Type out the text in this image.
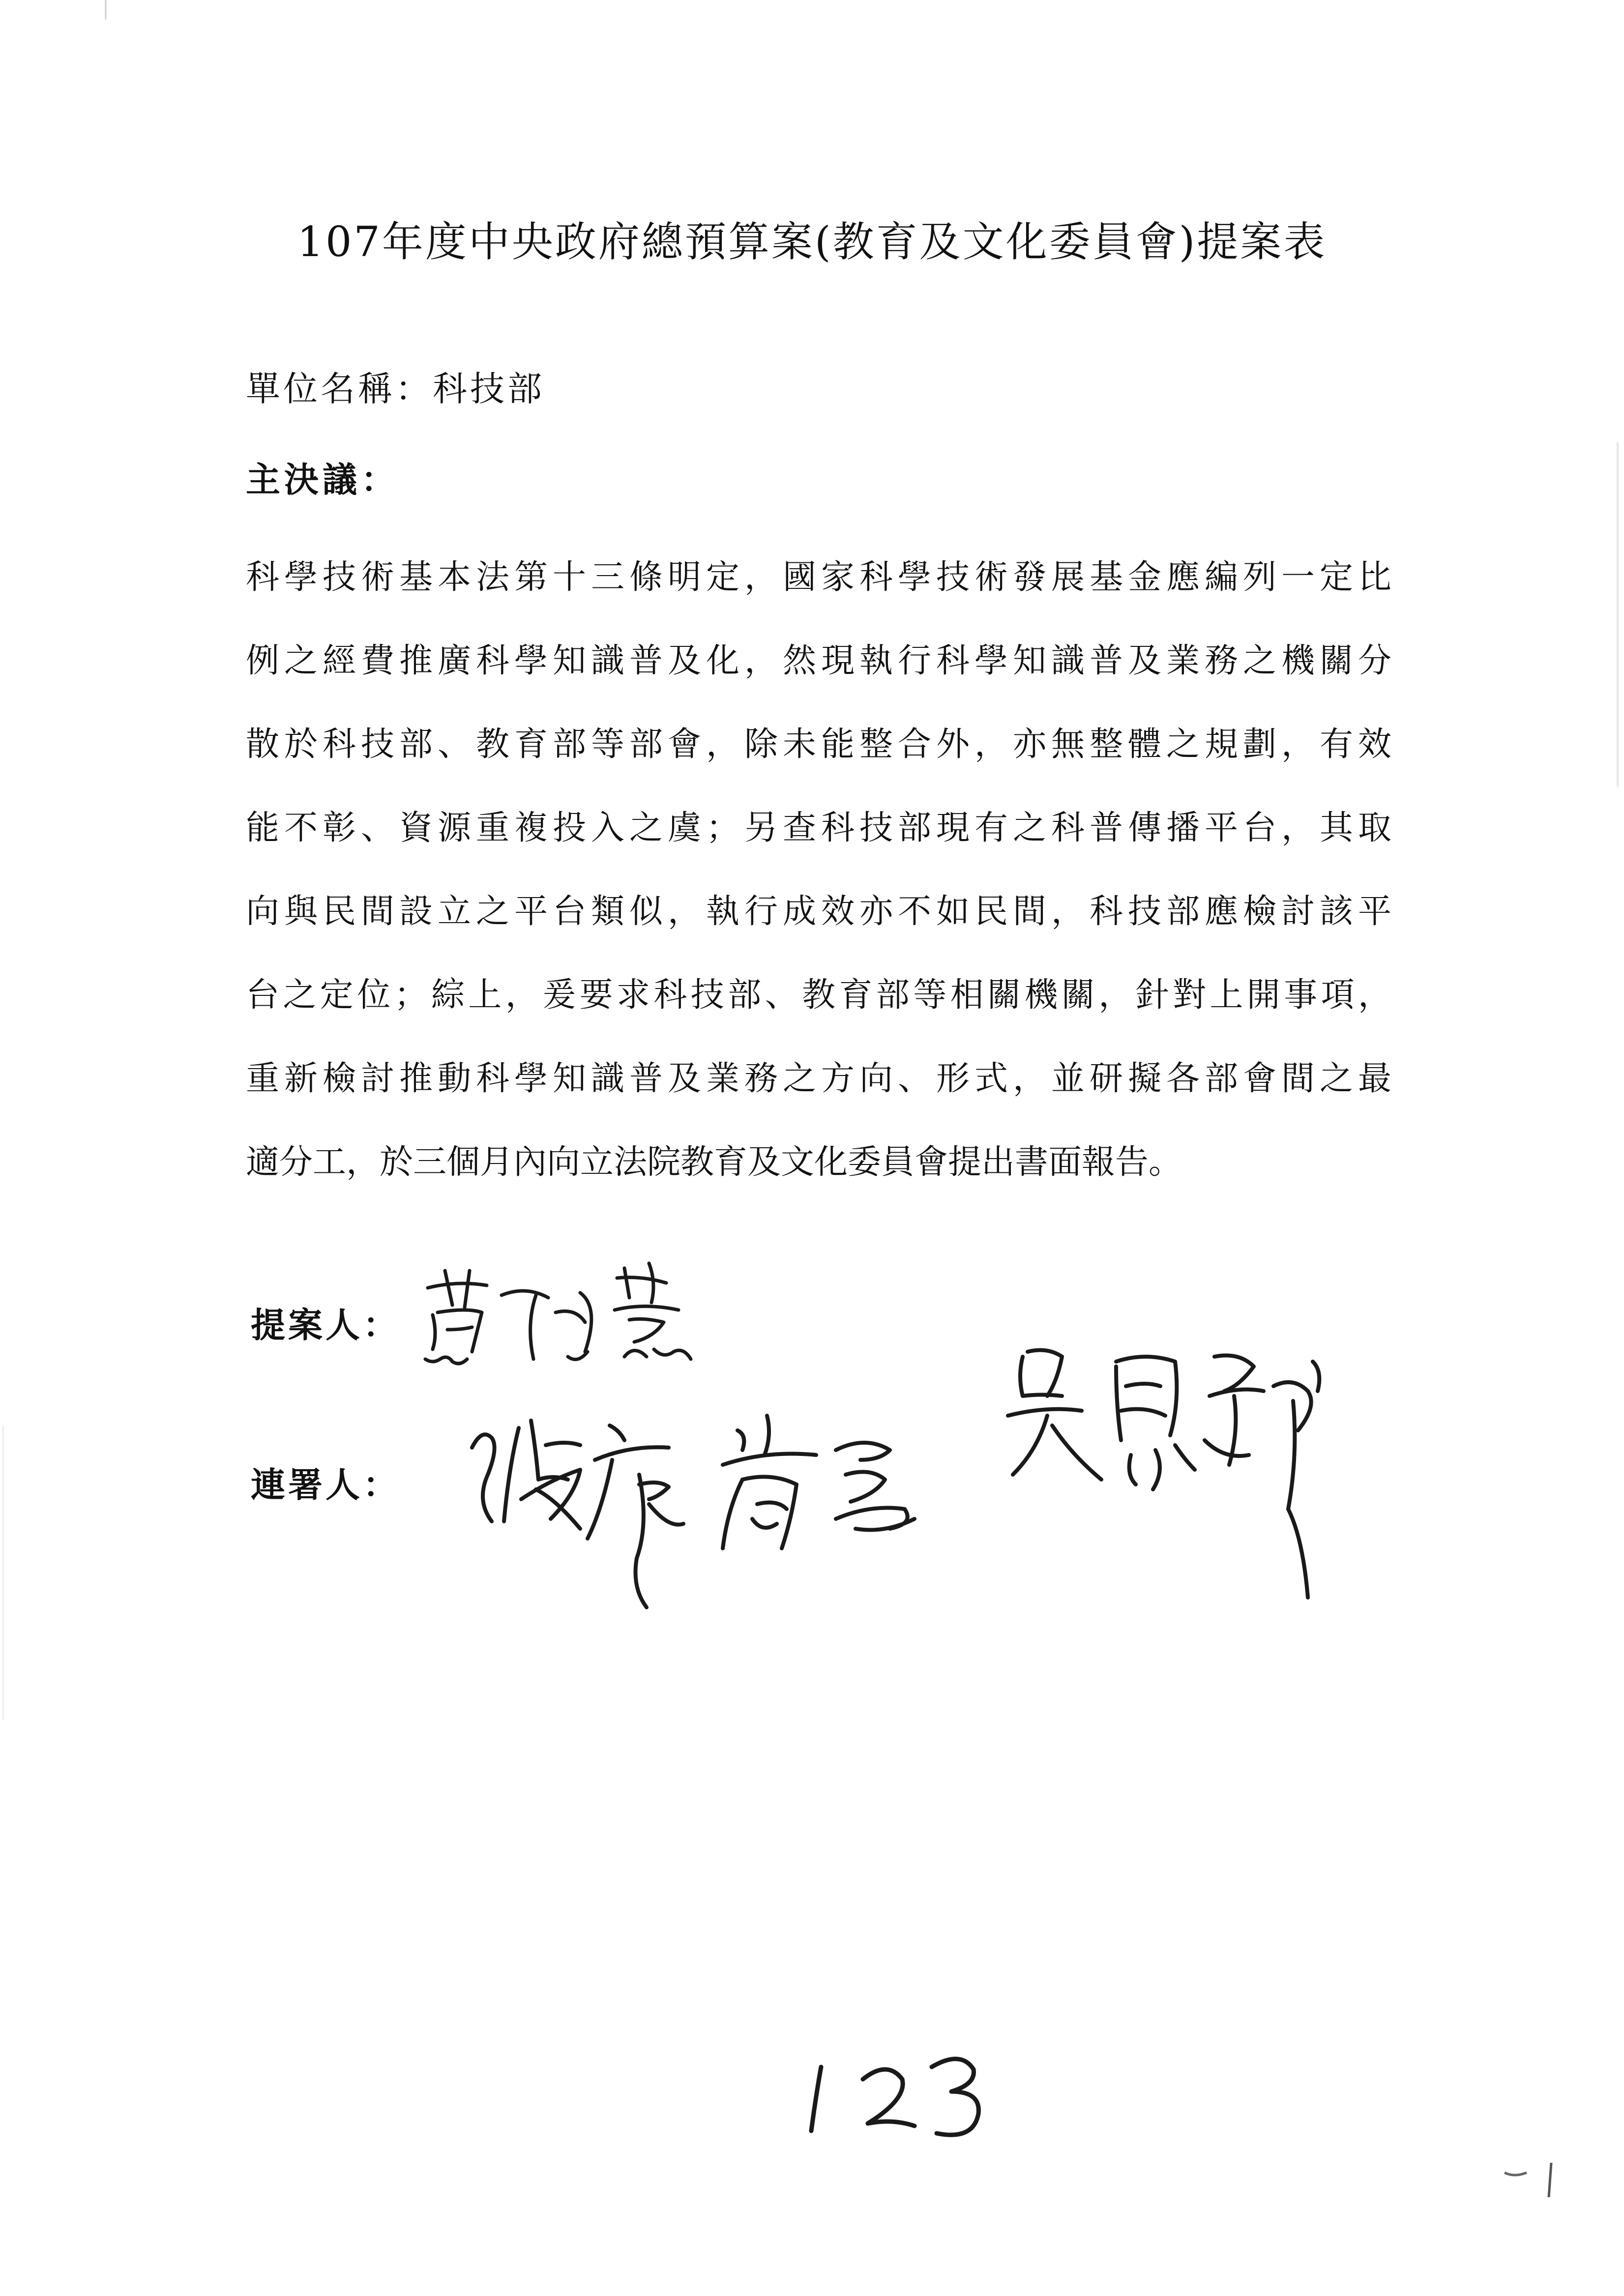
107年度中央政府總預算案(教育及文化委員會)提案表
單位名稱：科技部
主決議：
科學技術基本法第十三條明定，國家科學技術發展基金應編列一定比
例之經費推廣科學知識普及化，然現執行科學知識普及業務之機關分
散於科技部、教育部等部會，除未能整合外，亦無整體之規劃，有效
能不彰、資源重複投入之虞；另查科技部現有之科普傳播平台，其取
向與民間設立之平台類似，執行成效亦不如民間，科技部應檢討該平
台之定位；綜上，爰要求科技部、教育部等相關機關，針對上開事項，
重新檢討推動科學知識普及業務之方向、形式，並研擬各部會間之最
適分工，於三個月內向立法院教育及文化委員會提出書面報告。
提案人：
連署人：
